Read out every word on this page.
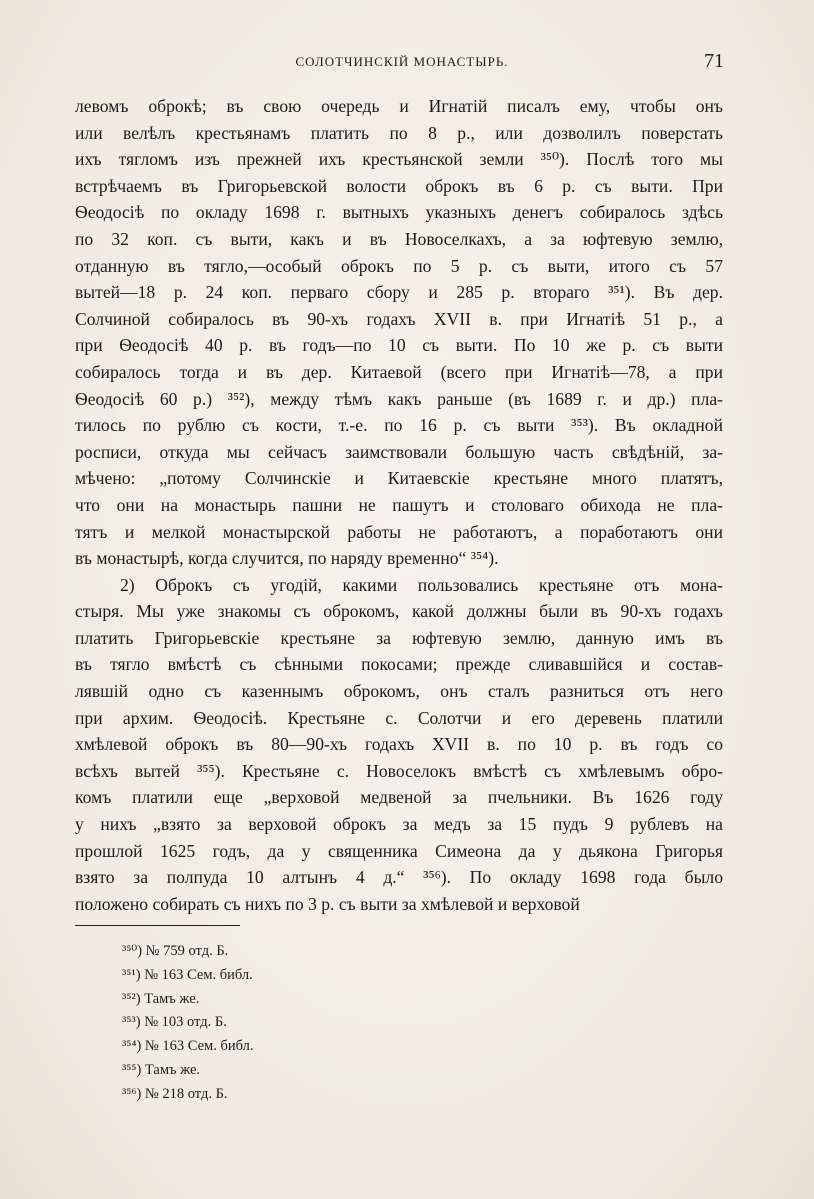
СОЛОТЧИНСКІЙ МОНАСТЫРЬ.	71
левомъ оброкѣ; въ свою очередь и Игнатій писалъ ему, чтобы онъ
или велѣлъ крестьянамъ платить по 8 р., или дозволилъ поверстать
ихъ тягломъ изъ прежней ихъ крестьянской земли ³⁵⁰). Послѣ того мы
встрѣчаемъ въ Григорьевской волости оброкъ въ 6 р. съ выти. При
Ѳеодосіѣ по окладу 1698 г. вытныхъ указныхъ денегъ собиралось здѣсь
по 32 коп. съ выти, какъ и въ Новоселкахъ, а за юфтевую землю,
отданную въ тягло,—особый оброкъ по 5 р. съ выти, итого съ 57
вытей—18 р. 24 коп. перваго сбору и 285 р. втораго ³⁵¹). Въ дер.
Солчиной собиралось въ 90-хъ годахъ XVII в. при Игнатіѣ 51 р., а
при Ѳеодосіѣ 40 р. въ годъ—по 10 съ выти. По 10 же р. съ выти
собиралось тогда и въ дер. Китаевой (всего при Игнатіѣ—78, а при
Ѳеодосіѣ 60 р.) ³⁵²), между тѣмъ какъ раньше (въ 1689 г. и др.) пла-
тилось по рублю съ кости, т.-е. по 16 р. съ выти ³⁵³). Въ окладной
росписи, откуда мы сейчасъ заимствовали большую часть свѣдѣній, за-
мѣчено: „потому Солчинскіе и Китаевскіе крестьяне много платятъ,
что они на монастырь пашни не пашутъ и столоваго обихода не пла-
тятъ и мелкой монастырской работы не работаютъ, а поработаютъ они
въ монастырѣ, когда случится, по наряду временно“ ³⁵⁴).
2) Оброкъ съ угодій, какими пользовались крестьяне отъ мона-
стыря. Мы уже знакомы съ оброкомъ, какой должны были въ 90-хъ годахъ
платить Григорьевскіе крестьяне за юфтевую землю, данную имъ въ
въ тягло вмѣстѣ съ сѣнными покосами; прежде сливавшійся и состав-
лявшій одно съ казеннымъ оброкомъ, онъ сталъ разниться отъ него
при архим. Ѳеодосіѣ. Крестьяне с. Солотчи и его деревень платили
хмѣлевой оброкъ въ 80—90-хъ годахъ XVII в. по 10 р. въ годъ со
всѣхъ вытей ³⁵⁵). Крестьяне с. Новоселокъ вмѣстѣ съ хмѣлевымъ обро-
комъ платили еще „верховой медвеной за пчельники. Въ 1626 году
у нихъ „взято за верховой оброкъ за медъ за 15 пудъ 9 рублевъ на
прошлой 1625 годъ, да у священника Симеона да у дьякона Григорья
взято за полпуда 10 алтынъ 4 д.“ ³⁵⁶). По окладу 1698 года было
положено собирать съ нихъ по 3 р. съ выти за хмѣлевой и верховой
³⁵⁰) № 759 отд. Б.
³⁵¹) № 163 Сем. библ.
³⁵²) Тамъ же.
³⁵³) № 103 отд. Б.
³⁵⁴) № 163 Сем. библ.
³⁵⁵) Тамъ же.
³⁵⁶) № 218 отд. Б.
